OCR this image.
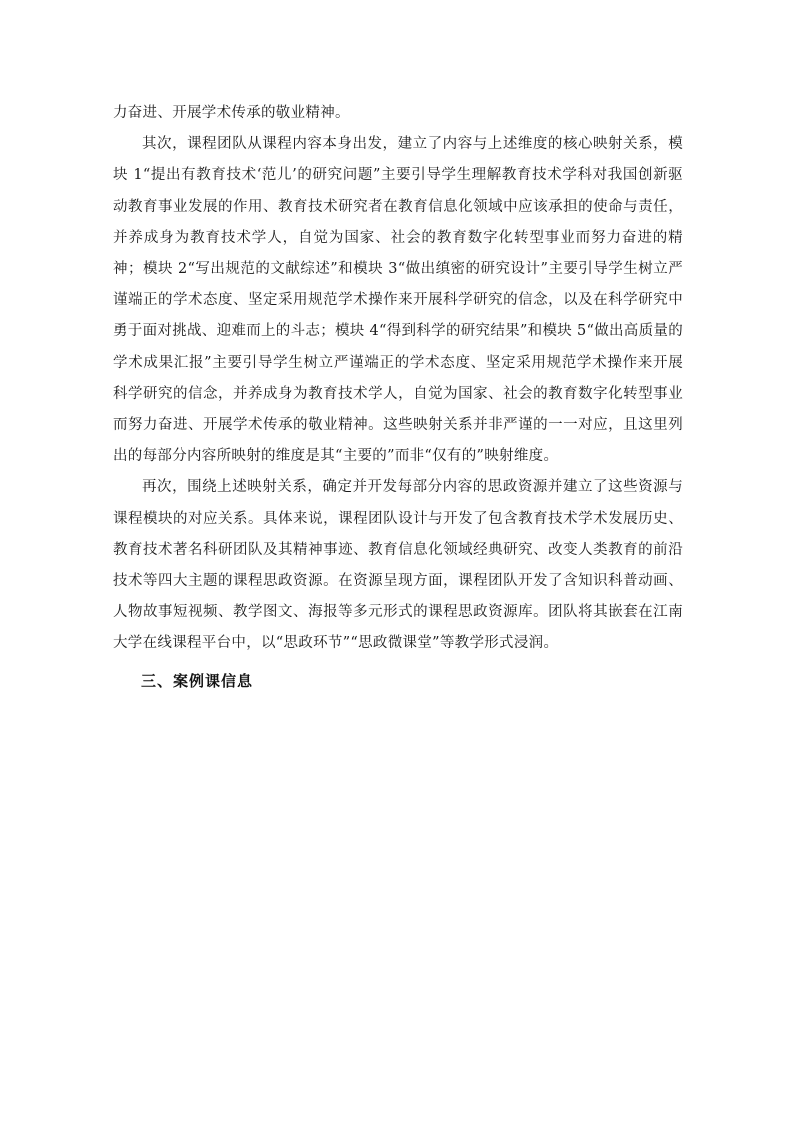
力奋进、开展学术传承的敬业精神。

其次，课程团队从课程内容本身出发，建立了内容与上述维度的核心映射关系，模块 1“提出有教育技术‘范儿’的研究问题”主要引导学生理解教育技术学科对我国创新驱动教育事业发展的作用、教育技术研究者在教育信息化领域中应该承担的使命与责任，并养成身为教育技术学人，自觉为国家、社会的教育数字化转型事业而努力奋进的精神；模块 2“写出规范的文献综述”和模块 3“做出缜密的研究设计”主要引导学生树立严谨端正的学术态度、坚定采用规范学术操作来开展科学研究的信念，以及在科学研究中勇于面对挑战、迎难而上的斗志；模块 4“得到科学的研究结果”和模块 5“做出高质量的学术成果汇报”主要引导学生树立严谨端正的学术态度、坚定采用规范学术操作来开展科学研究的信念，并养成身为教育技术学人，自觉为国家、社会的教育数字化转型事业而努力奋进、开展学术传承的敬业精神。这些映射关系并非严谨的一一对应，且这里列出的每部分内容所映射的维度是其“主要的”而非“仅有的”映射维度。

再次，围绕上述映射关系，确定并开发每部分内容的思政资源并建立了这些资源与课程模块的对应关系。具体来说，课程团队设计与开发了包含教育技术学术发展历史、教育技术著名科研团队及其精神事迹、教育信息化领域经典研究、改变人类教育的前沿技术等四大主题的课程思政资源。在资源呈现方面，课程团队开发了含知识科普动画、人物故事短视频、教学图文、海报等多元形式的课程思政资源库。团队将其嵌套在江南大学在线课程平台中，以“思政环节”“思政微课堂”等教学形式浸润。

三、案例课信息
